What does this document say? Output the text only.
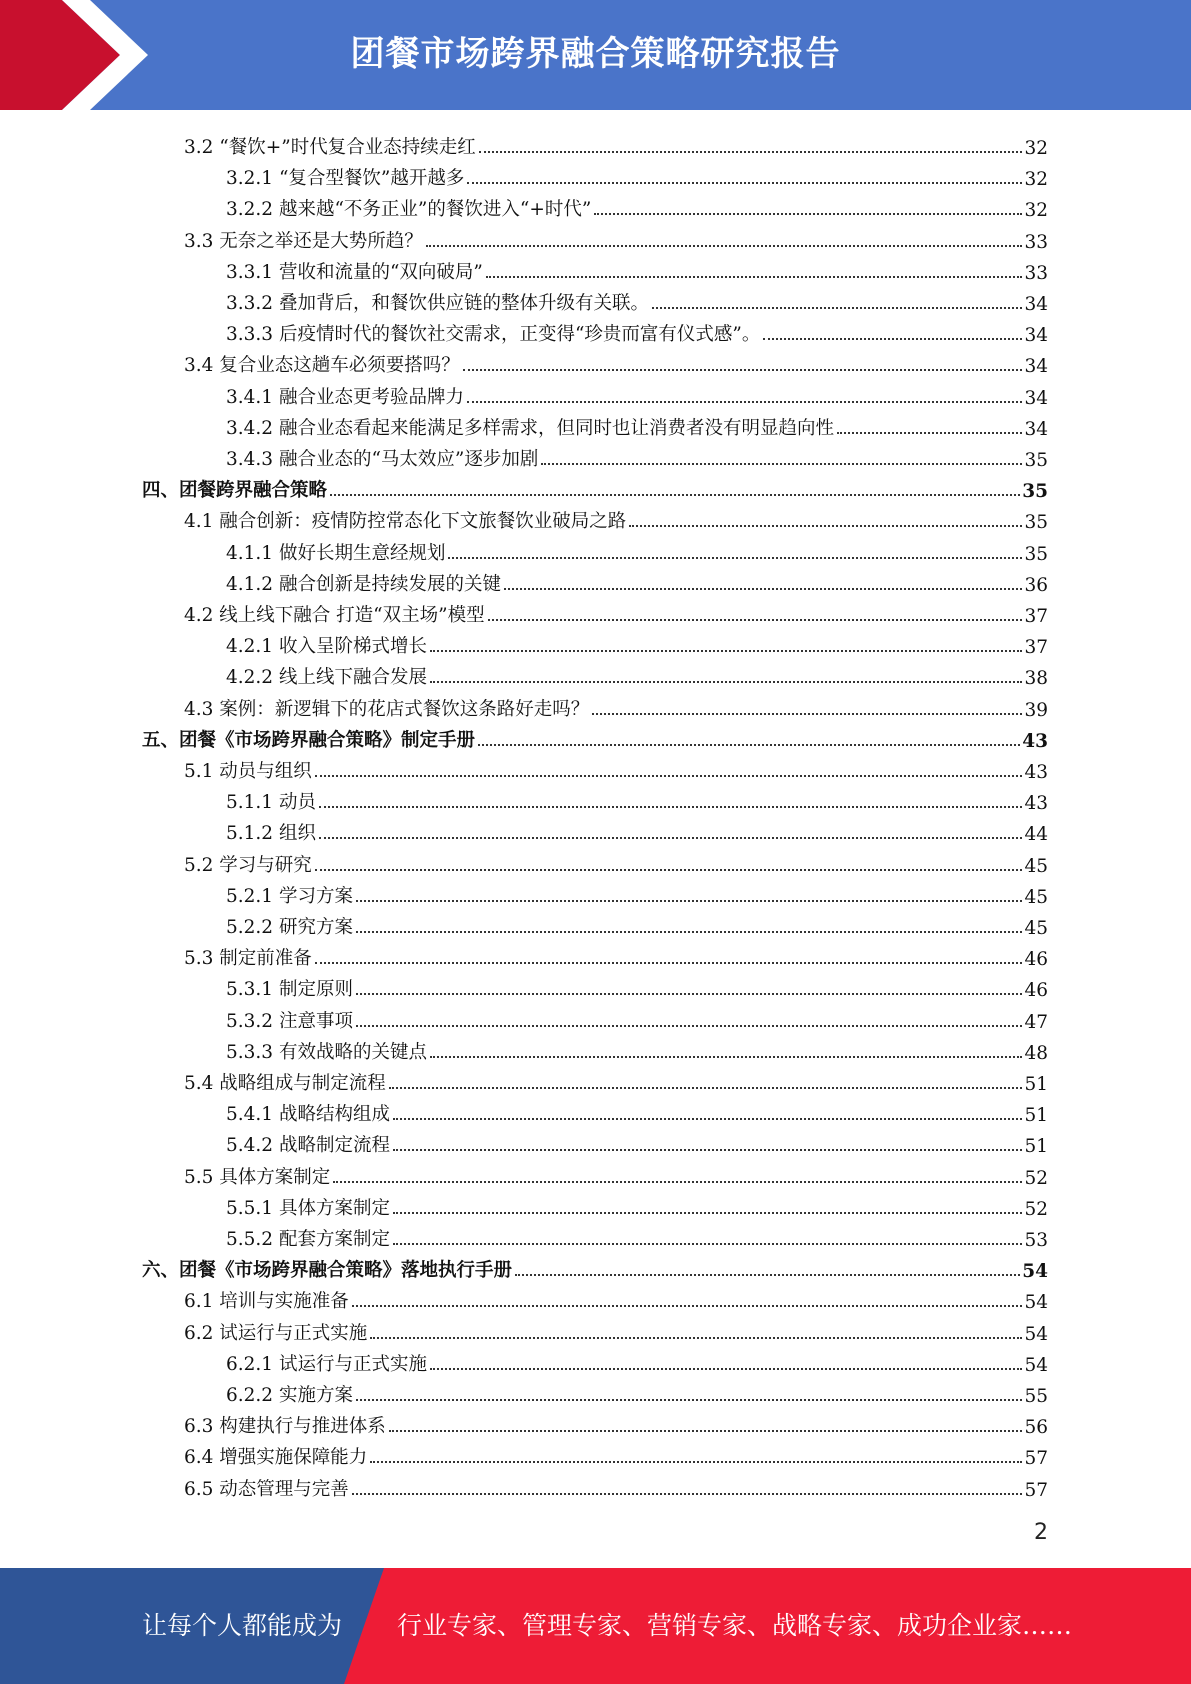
团餐市场跨界融合策略研究报告
3.2 “餐饮+”时代复合业态持续走红	32
3.2.1 “复合型餐饮”越开越多	32
3.2.2 越来越“不务正业”的餐饮进入“+时代”	32
3.3 无奈之举还是大势所趋？	33
3.3.1 营收和流量的“双向破局”	33
3.3.2 叠加背后，和餐饮供应链的整体升级有关联。	34
3.3.3 后疫情时代的餐饮社交需求，正变得“珍贵而富有仪式感”。	34
3.4 复合业态这趟车必须要搭吗？	34
3.4.1 融合业态更考验品牌力	34
3.4.2 融合业态看起来能满足多样需求，但同时也让消费者没有明显趋向性	34
3.4.3 融合业态的“马太效应”逐步加剧	35
四、团餐跨界融合策略	35
4.1 融合创新：疫情防控常态化下文旅餐饮业破局之路	35
4.1.1 做好长期生意经规划	35
4.1.2 融合创新是持续发展的关键	36
4.2 线上线下融合 打造“双主场”模型	37
4.2.1 收入呈阶梯式增长	37
4.2.2 线上线下融合发展	38
4.3 案例：新逻辑下的花店式餐饮这条路好走吗？	39
五、团餐《市场跨界融合策略》制定手册	43
5.1 动员与组织	43
5.1.1 动员	43
5.1.2 组织	44
5.2 学习与研究	45
5.2.1 学习方案	45
5.2.2 研究方案	45
5.3 制定前准备	46
5.3.1 制定原则	46
5.3.2 注意事项	47
5.3.3 有效战略的关键点	48
5.4 战略组成与制定流程	51
5.4.1 战略结构组成	51
5.4.2 战略制定流程	51
5.5 具体方案制定	52
5.5.1 具体方案制定	52
5.5.2 配套方案制定	53
六、团餐《市场跨界融合策略》落地执行手册	54
6.1 培训与实施准备	54
6.2 试运行与正式实施	54
6.2.1 试运行与正式实施	54
6.2.2 实施方案	55
6.3 构建执行与推进体系	56
6.4 增强实施保障能力	57
6.5 动态管理与完善	57
2
让每个人都能成为 行业专家、管理专家、营销专家、战略专家、成功企业家……
